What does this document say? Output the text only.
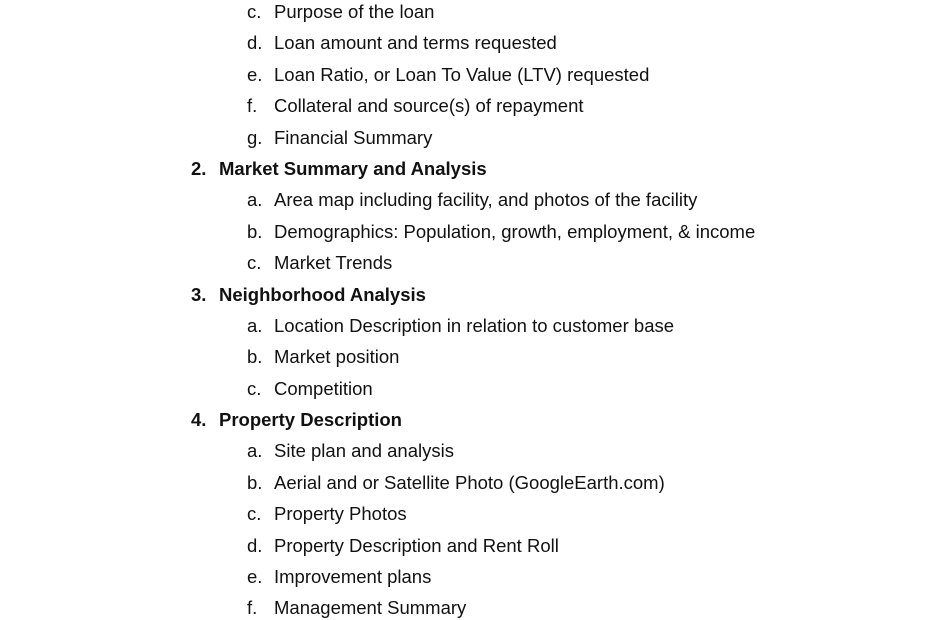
c. Purpose of the loan
d. Loan amount and terms requested
e. Loan Ratio, or Loan To Value (LTV) requested
f. Collateral and source(s) of repayment
g. Financial Summary
2. Market Summary and Analysis
a. Area map including facility, and photos of the facility
b. Demographics: Population, growth, employment, & income
c. Market Trends
3. Neighborhood Analysis
a. Location Description in relation to customer base
b. Market position
c. Competition
4. Property Description
a. Site plan and analysis
b. Aerial and or Satellite Photo (GoogleEarth.com)
c. Property Photos
d. Property Description and Rent Roll
e. Improvement plans
f. Management Summary
